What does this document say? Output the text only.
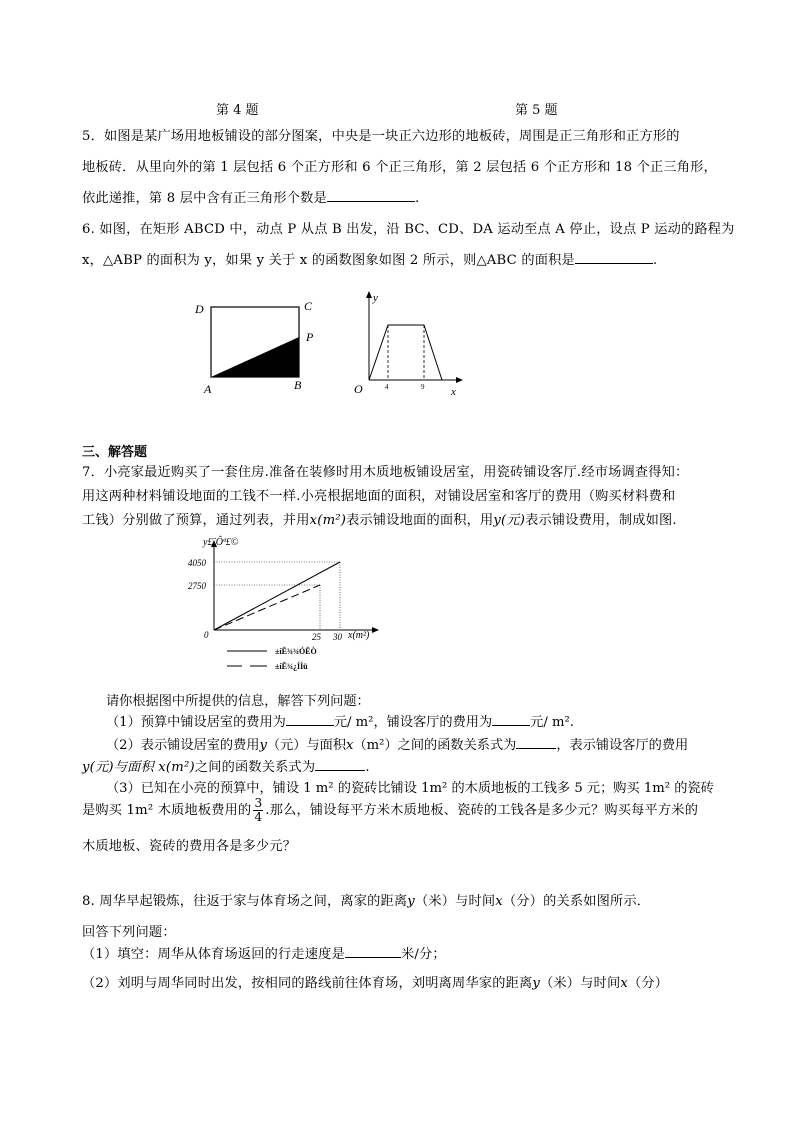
第 4 题	第 5 题
5．如图是某广场用地板铺设的部分图案，中央是一块正六边形的地板砖，周围是正三角形和正方形的
地板砖．从里向外的第 1 层包括 6 个正方形和 6 个正三角形，第 2 层包括 6 个正方形和 18 个正三角形，
依此递推，第 8 层中含有正三角形个数是	.
6. 如图，在矩形 ABCD 中，动点 P 从点 B 出发，沿 BC、CD、DA 运动至点 A 停止，设点 P 运动的路程为
x，△ABP 的面积为 y，如果 y 关于 x 的函数图象如图 2 所示，则△ABC 的面积是	.
D	C
P
A	B
y
O	x
4	9
三、解答题
7．小亮家最近购买了一套住房.准备在装修时用木质地板铺设居室，用瓷砖铺设客厅.经市场调查得知：
用这两种材料铺设地面的工钱不一样.小亮根据地面的面积，对铺设居室和客厅的费用（购买材料费和
工钱）分别做了预算，通过列表，并用x(m²)表示铺设地面的面积，用y(元)表示铺设费用，制成如图.
y£¨Ôª£©
4050
2750
0	25 30 x(m²)
±íÊ¾¾ÓÊÒ
±íÊ¾¿ÍÌü
请你根据图中所提供的信息，解答下列问题：
（1）预算中铺设居室的费用为	元/ m²，铺设客厅的费用为	元/ m².
（2）表示铺设居室的费用y（元）与面积x（m²）之间的函数关系式为	，表示铺设客厅的费用
y(元)与面积 x(m²)之间的函数关系式为	.
（3）已知在小亮的预算中，铺设 1 m² 的瓷砖比铺设 1m² 的木质地板的工钱多 5 元；购买 1m² 的瓷砖
是购买 1m² 木质地板费用的 $\frac{3}{4}$ .那么，铺设每平方米木质地板、瓷砖的工钱各是多少元？购买每平方米的
木质地板、瓷砖的费用各是多少元？
8. 周华早起锻炼，往返于家与体育场之间，离家的距离y（米）与时间x（分）的关系如图所示．
回答下列问题：
（1）填空：周华从体育场返回的行走速度是	米/分；
（2）刘明与周华同时出发，按相同的路线前往体育场，刘明离周华家的距离y（米）与时间x（分）
